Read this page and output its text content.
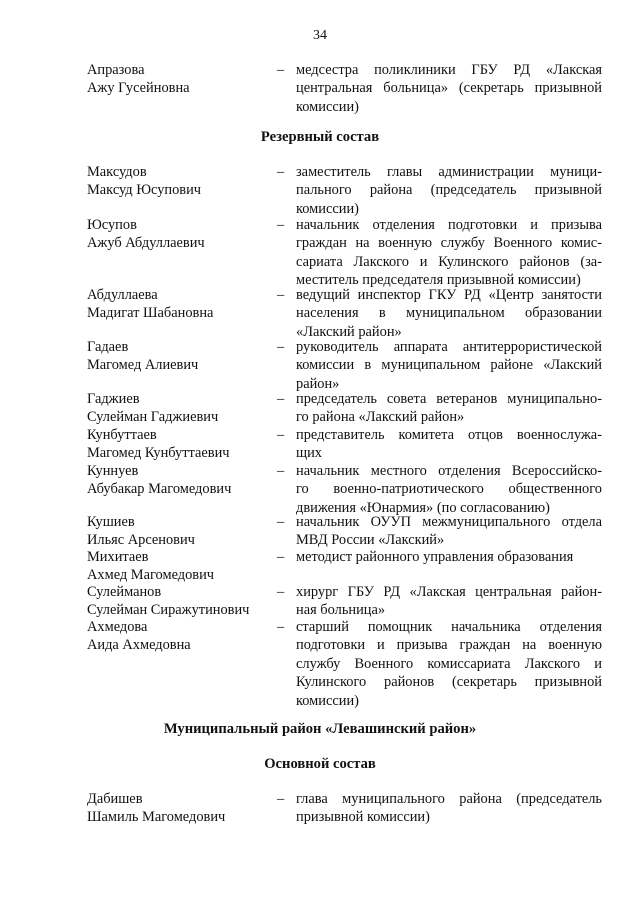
34
Апразова
Ажу Гусейновна
– медсестра поликлиники ГБУ РД «Лакская
центральная больница» (секретарь призывной
комиссии)
Резервный состав
Максудов
Максуд Юсупович
– заместитель главы администрации муници-
пального района (председатель призывной
комиссии)
Юсупов
Ажуб Абдуллаевич
– начальник отделения подготовки и призыва
граждан на военную службу Военного комис-
сариата Лакского и Кулинского районов (за-
меститель председателя призывной комиссии)
Абдуллаева
Мадигат Шабановна
– ведущий инспектор ГКУ РД «Центр занятости
населения в муниципальном образовании
«Лакский район»
Гадаев
Магомед Алиевич
– руководитель аппарата антитеррористической
комиссии в муниципальном районе «Лакский
район»
Гаджиев
Сулейман Гаджиевич
– председатель совета ветеранов муниципально-
го района «Лакский район»
Кунбуттаев
Магомед Кунбуттаевич
– представитель комитета отцов военнослужа-
щих
Куннуев
Абубакар Магомедович
– начальник местного отделения Всероссийско-
го военно-патриотического общественного
движения «Юнармия» (по согласованию)
Кушиев
Ильяс Арсенович
– начальник ОУУП межмуниципального отдела
МВД России «Лакский»
Михитаев
Ахмед Магомедович
– методист районного управления образования
Сулейманов
Сулейман Сиражутинович
– хирург ГБУ РД «Лакская центральная район-
ная больница»
Ахмедова
Аида Ахмедовна
– старший помощник начальника отделения
подготовки и призыва граждан на военную
службу Военного комиссариата Лакского и
Кулинского районов (секретарь призывной
комиссии)
Муниципальный район «Левашинский район»
Основной состав
Дабишев
Шамиль Магомедович
– глава муниципального района (председатель
призывной комиссии)
